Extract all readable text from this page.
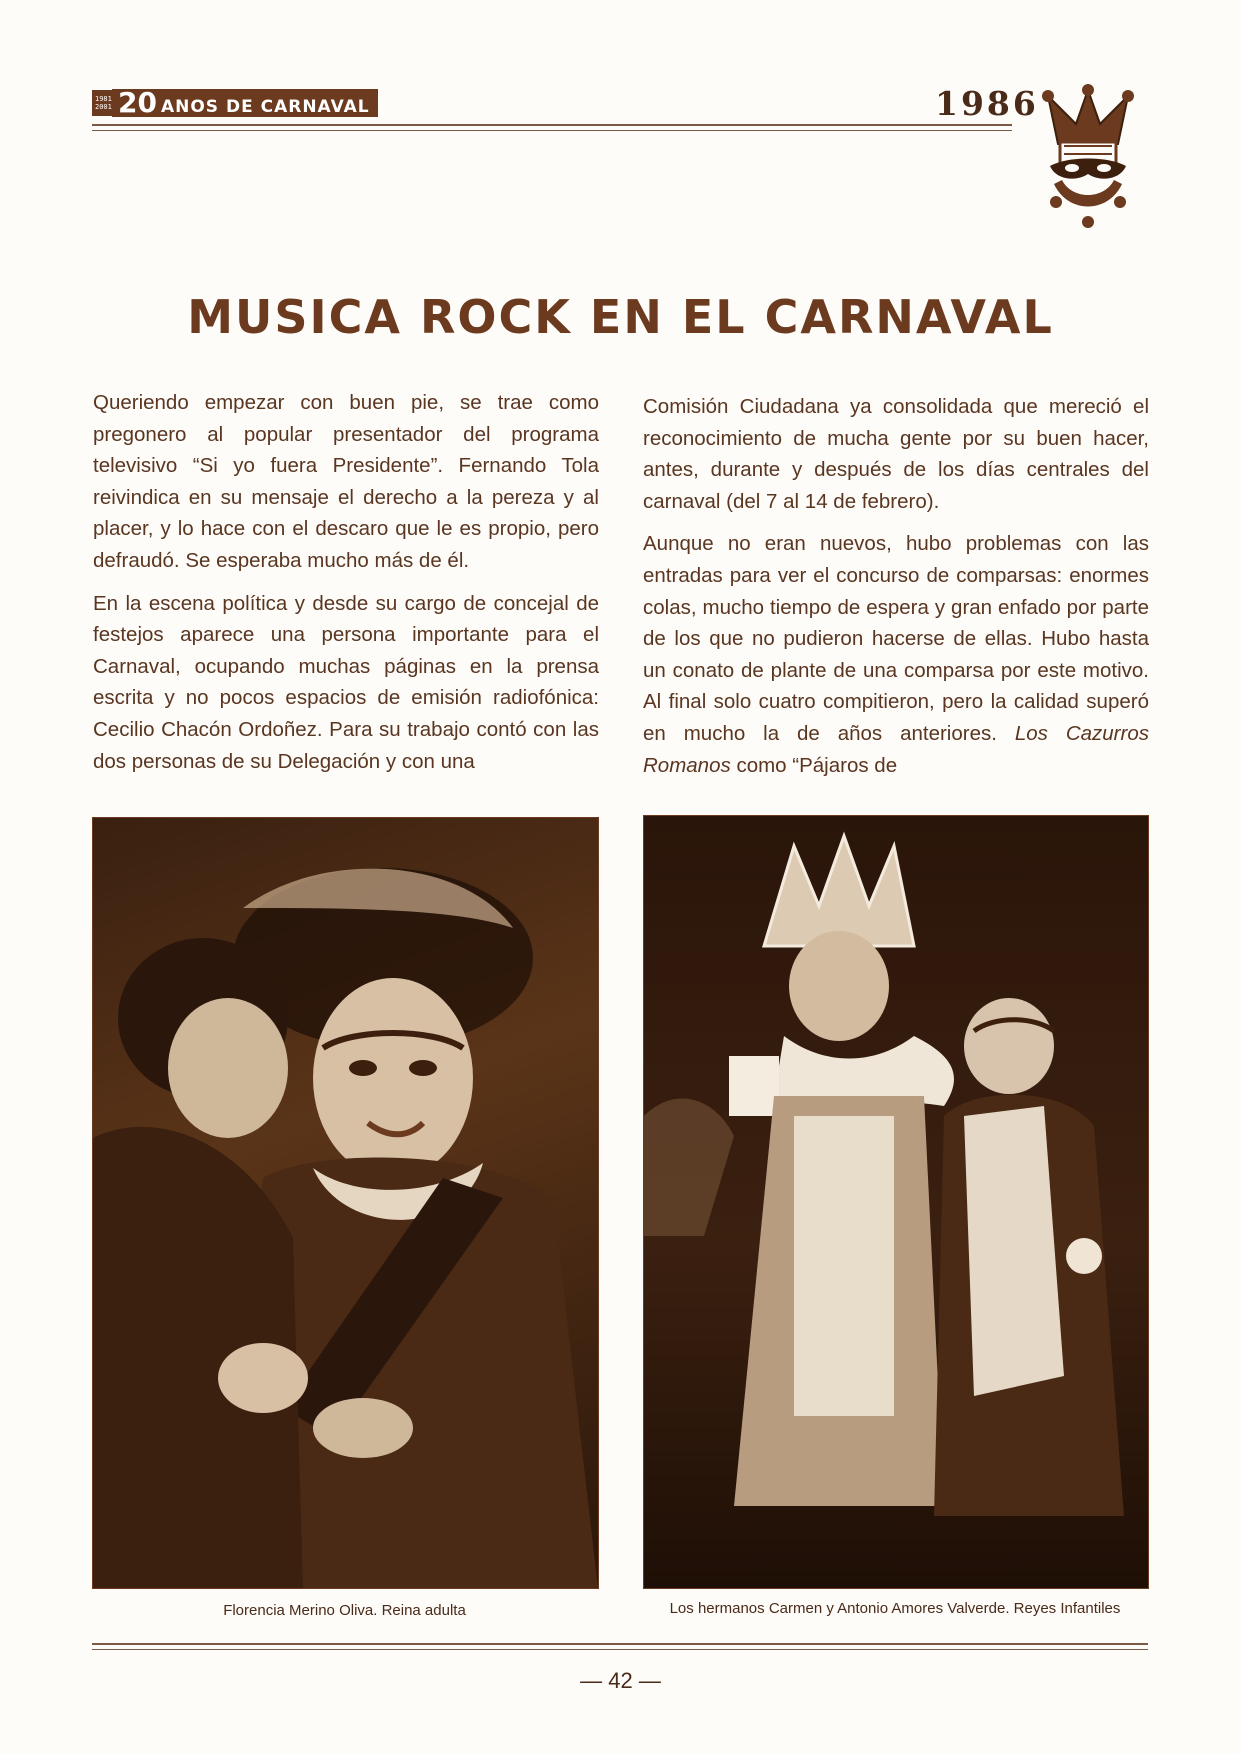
1981
2001 20 ANOS DE CARNAVAL	1986
MUSICA ROCK EN EL CARNAVAL

Queriendo empezar con buen pie, se trae como pregonero al popular presentador del programa televisivo “Si yo fuera Presidente”. Fernando Tola reivindica en su mensaje el derecho a la pereza y al placer, y lo hace con el descaro que le es propio, pero defraudó. Se esperaba mucho más de él.

En la escena política y desde su cargo de concejal de festejos aparece una persona importante para el Carnaval, ocupando muchas páginas en la prensa escrita y no pocos espacios de emisión radiofónica: Cecilio Chacón Ordoñez. Para su trabajo contó con las dos personas de su Delegación y con una

Comisión Ciudadana ya consolidada que mereció el reconocimiento de mucha gente por su buen hacer, antes, durante y después de los días centrales del carnaval (del 7 al 14 de febrero).

Aunque no eran nuevos, hubo problemas con las entradas para ver el concurso de comparsas: enormes colas, mucho tiempo de espera y gran enfado por parte de los que no pudieron hacerse de ellas. Hubo hasta un conato de plante de una comparsa por este motivo. Al final solo cuatro compitieron, pero la calidad superó en mucho la de años anteriores. Los Cazurros Romanos como “Pájaros de

Florencia Merino Oliva. Reina adulta	Los hermanos Carmen y Antonio Amores Valverde. Reyes Infantiles
— 42 —
